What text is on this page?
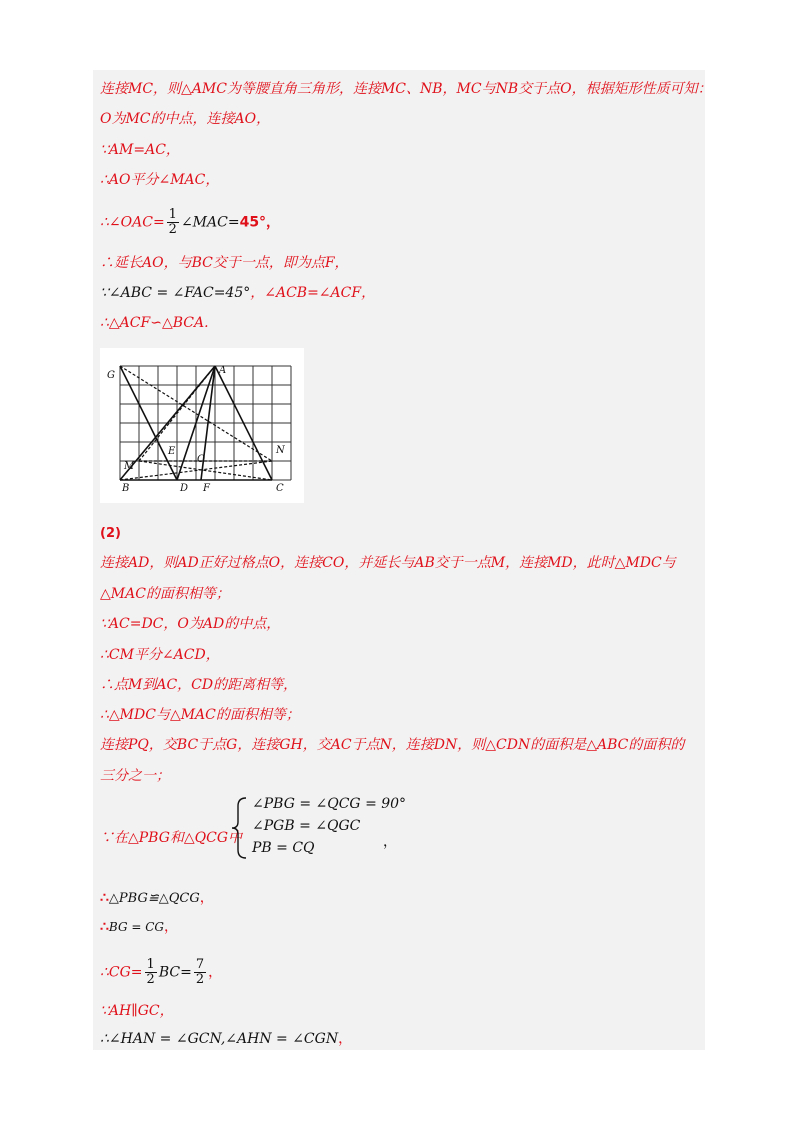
连接MC，则△AMC为等腰直角三角形，连接MC、NB，MC与NB交于点O，根据矩形性质可知：
O为MC的中点，连接AO，
∵AM=AC，
∴AO平分∠MAC，
∴∠OAC= $\frac{1}{2}$ ∠MAC=45°，
∴延长AO，与BC交于一点，即为点F，
∵∠ABC = ∠FAC=45°，∠ACB=∠ACF，
∴△ACF∽△BCA.
G	A
N
M
E
O
B	D F	C
(2)
连接AD，则AD正好过格点O，连接CO，并延长与AB交于一点M，连接MD，此时△MDC与
△MAC的面积相等；
∵AC=DC，O为AD的中点，
∴CM平分∠ACD，
∴点M到AC，CD的距离相等，
∴△MDC与△MAC的面积相等；
连接PQ，交BC于点G，连接GH，交AC于点N，连接DN，则△CDN的面积是△ABC的面积的
三分之一；
∵在△PBG和△QCG中
∠PBG = ∠QCG = 90°
∠PGB = ∠QGC
PB = CQ	，
∴△PBG≌△QCG，
∴BG = CG，
∴CG= $\frac{1}{2} BC= \frac{7}{2}$ ，
∵AH∥GC，
∴∠HAN = ∠GCN,∠AHN = ∠CGN，
